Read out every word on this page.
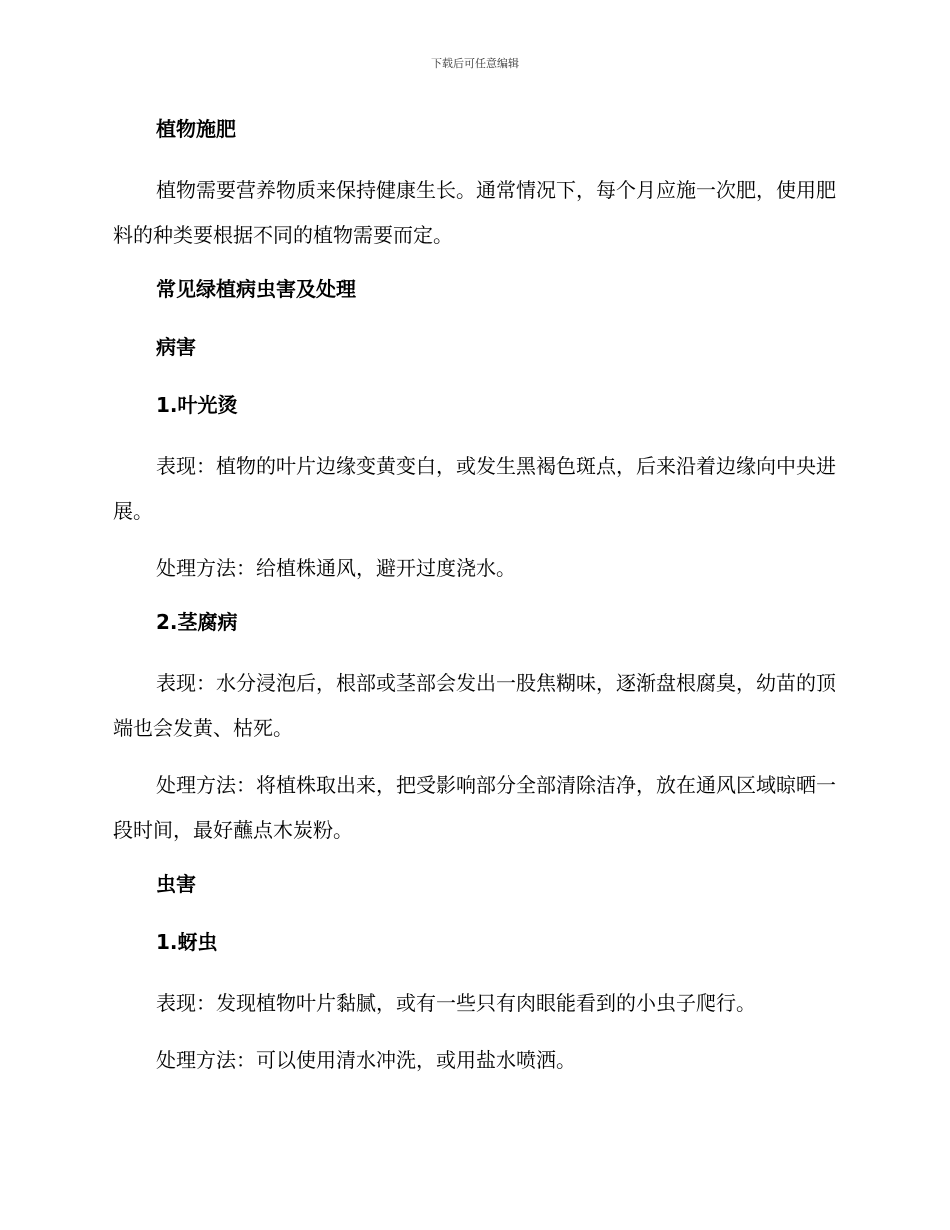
下载后可任意编辑
植物施肥

植物需要营养物质来保持健康生长。通常情况下，每个月应施一次肥，使用肥料的种类要根据不同的植物需要而定。

常见绿植病虫害及处理
病害
1.叶光烫

表现：植物的叶片边缘变黄变白，或发生黑褐色斑点，后来沿着边缘向中央进展。

处理方法：给植株通风，避开过度浇水。

2.茎腐病

表现：水分浸泡后，根部或茎部会发出一股焦糊味，逐渐盘根腐臭，幼苗的顶端也会发黄、枯死。

处理方法：将植株取出来，把受影响部分全部清除洁净，放在通风区域晾晒一段时间，最好蘸点木炭粉。

虫害
1.蚜虫

表现：发现植物叶片黏腻，或有一些只有肉眼能看到的小虫子爬行。

处理方法：可以使用清水冲洗，或用盐水喷洒。
